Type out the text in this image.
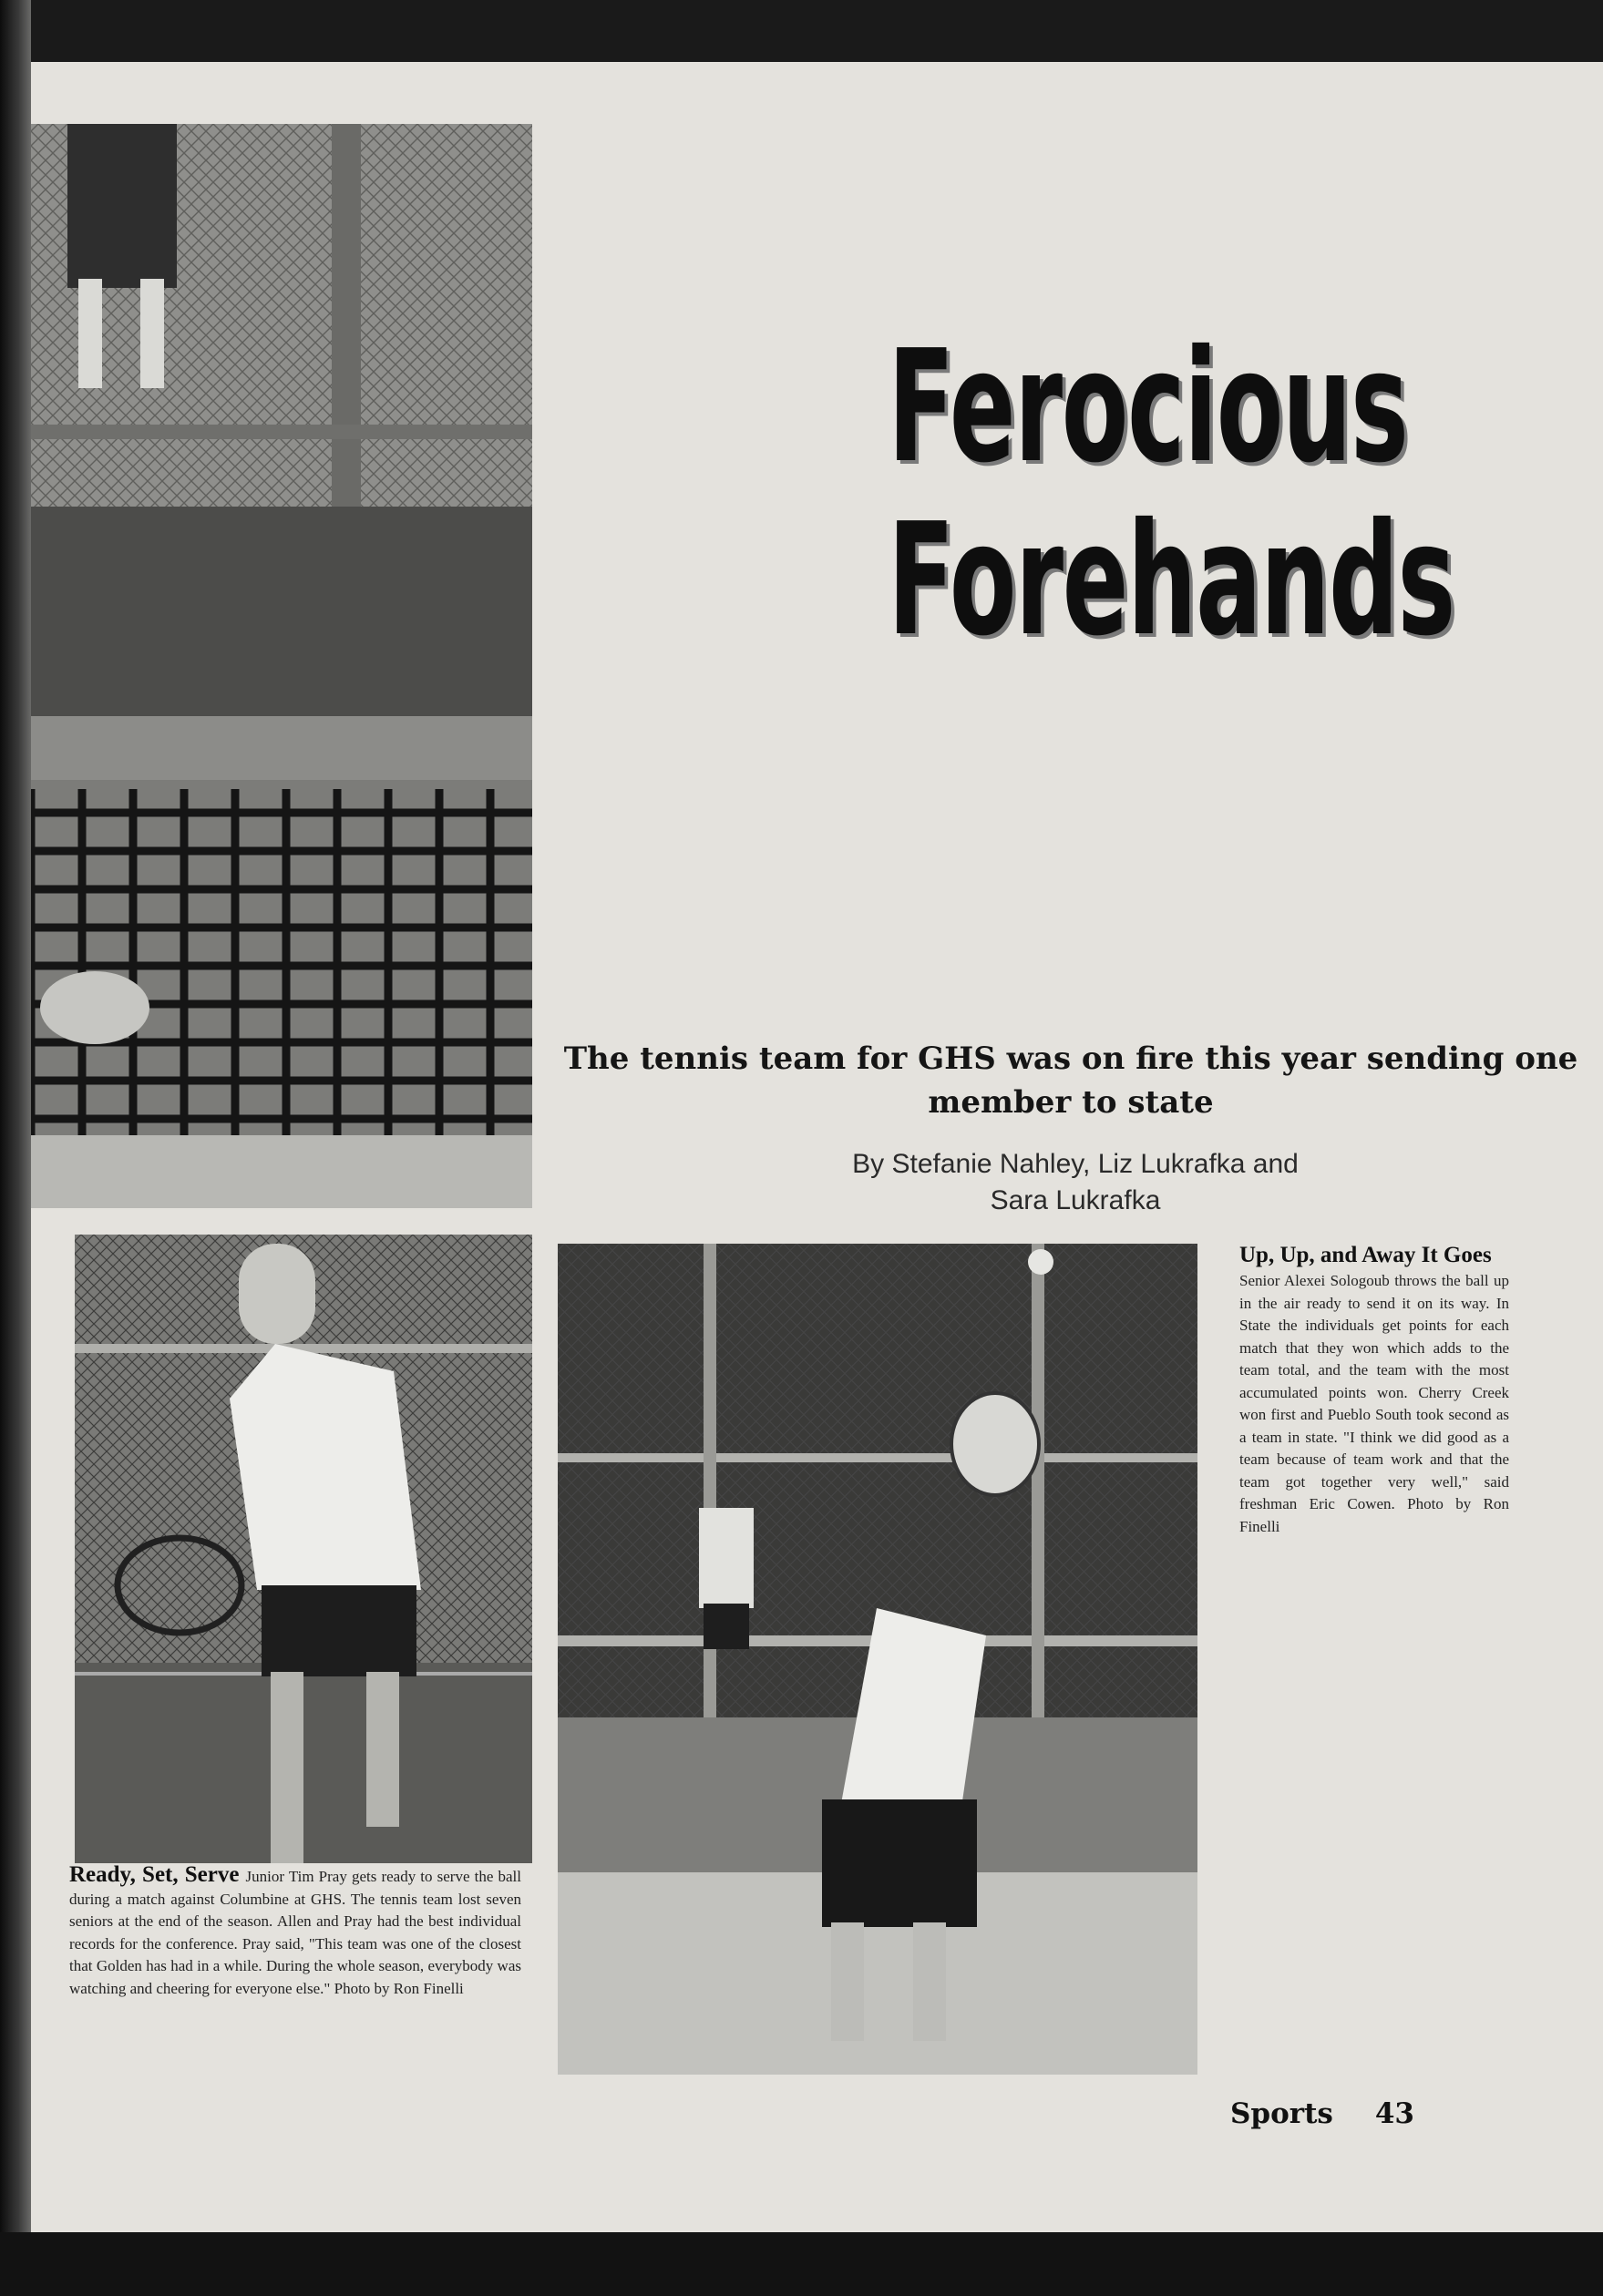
Ferocious
Forehands
The tennis team for GHS was on fire this year sending one member to state
By Stefanie Nahley, Liz Lukrafka and Sara Lukrafka
Up, Up, and Away It Goes
Senior Alexei Sologoub throws the ball up in the air ready to send it on its way. In State the individuals get points for each match that they won which adds to the team total, and the team with the most accumulated points won. Cherry Creek won first and Pueblo South took second as a team in state. "I think we did good as a team because of team work and that the team got together very well," said freshman Eric Cowen. Photo by Ron Finelli
Ready, Set, Serve Junior Tim Pray gets ready to serve the ball during a match against Columbine at GHS. The tennis team lost seven seniors at the end of the season. Allen and Pray had the best individual records for the conference. Pray said, "This team was one of the closest that Golden has had in a while. During the whole season, everybody was watching and cheering for everyone else." Photo by Ron Finelli
Sports 43
